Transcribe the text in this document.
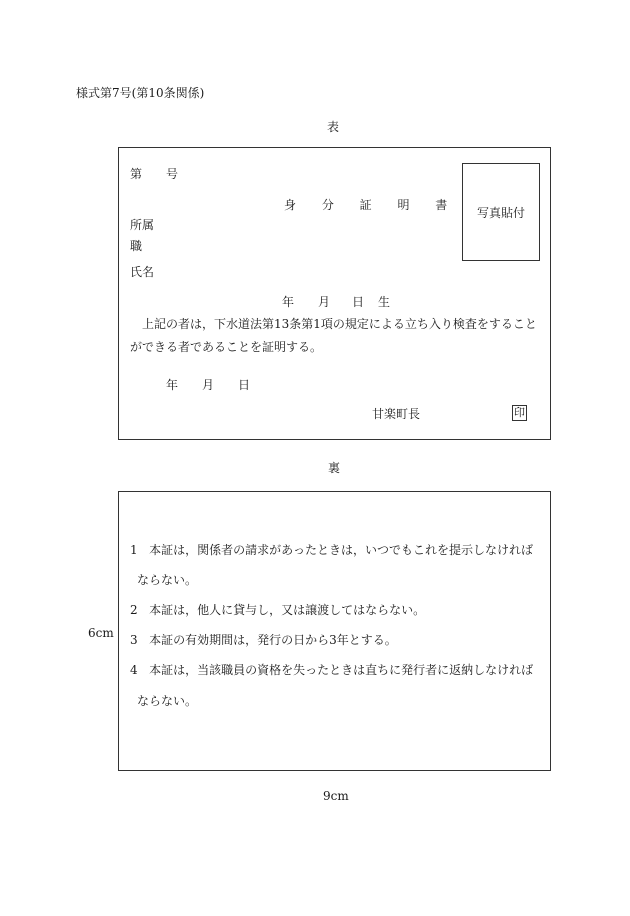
様式第7号(第10条関係)
表
第 号
身 分 証 明 書
写真貼付
所属
職
氏名
年 月 日 生
上記の者は，下水道法第13条第1項の規定による立ち入り検査をすること
ができる者であることを証明する。
年 月 日
甘楽町長	印
裏
1 本証は，関係者の請求があったときは，いつでもこれを提示しなければ
ならない。
2 本証は，他人に貸与し，又は譲渡してはならない。
3 本証の有効期間は，発行の日から3年とする。
4 本証は，当該職員の資格を失ったときは直ちに発行者に返納しなければ
ならない。
6cm
9cm
